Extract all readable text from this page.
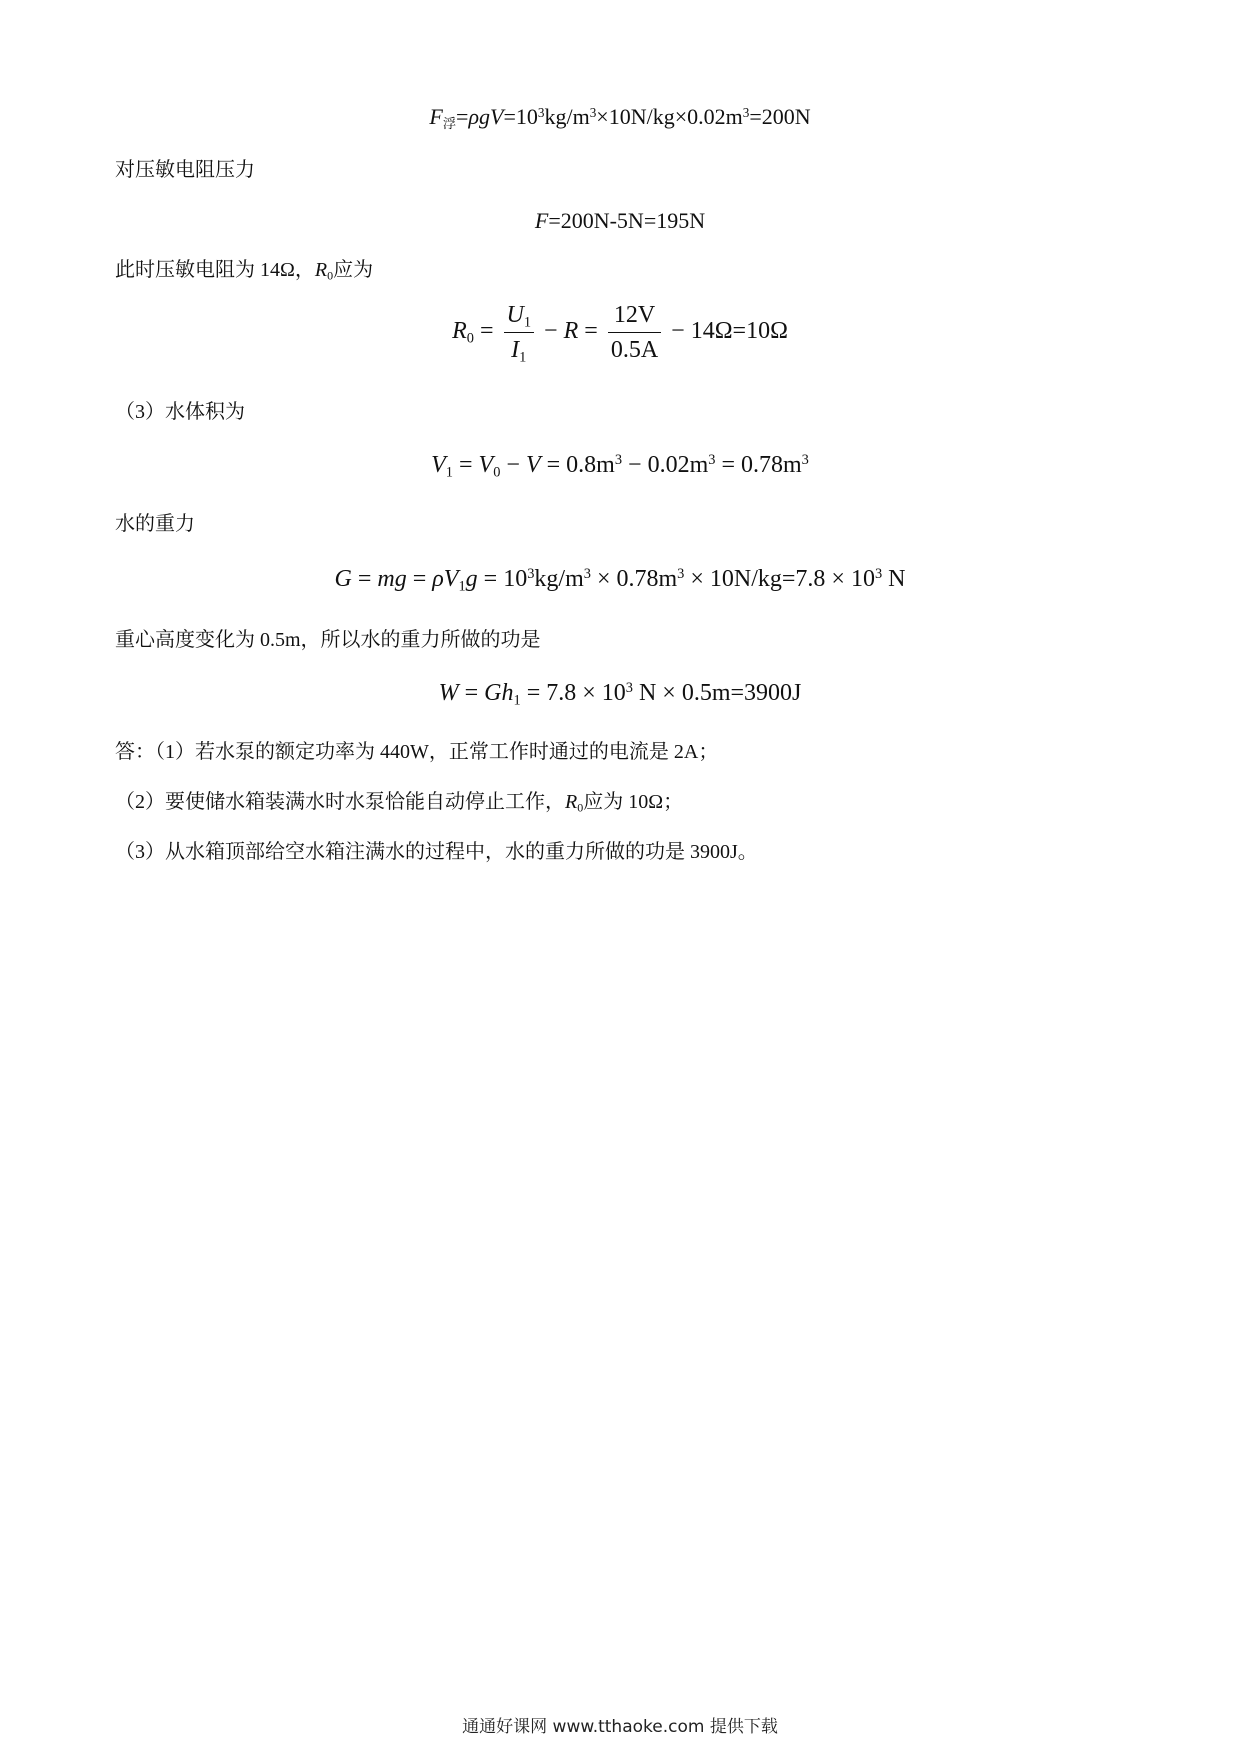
$F_浮=\rho gV=10^3kg/m^3\times 10N/kg\times 0.02m^3=200N$
对压敏电阻压力
F=200N-5N=195N
此时压敏电阻为 14Ω，$R_0$应为
$R_0 = \frac{U_1}{I_1} - R = \frac{12V}{0.5A} - 14\Omega=10\Omega$
（3）水体积为
$V_1 = V_0 - V = 0.8m^3 - 0.02m^3 = 0.78m^3$
水的重力
G = mg = $\rho V_1g = 10^3kg/m^3 \times 0.78m^3 \times 10N/kg=7.8 \times 10^3$ N
重心高度变化为 0.5m，所以水的重力所做的功是
$W = Gh_1 = 7.8 \times 10^3$ N × 0.5m=3900J
答：（1）若水泵的额定功率为 440W，正常工作时通过的电流是 2A；
（2）要使储水箱装满水时水泵恰能自动停止工作，$R_0$应为 10Ω；
（3）从水箱顶部给空水箱注满水的过程中，水的重力所做的功是 3900J。
通通好课网 www.tthaoke.com 提供下载
